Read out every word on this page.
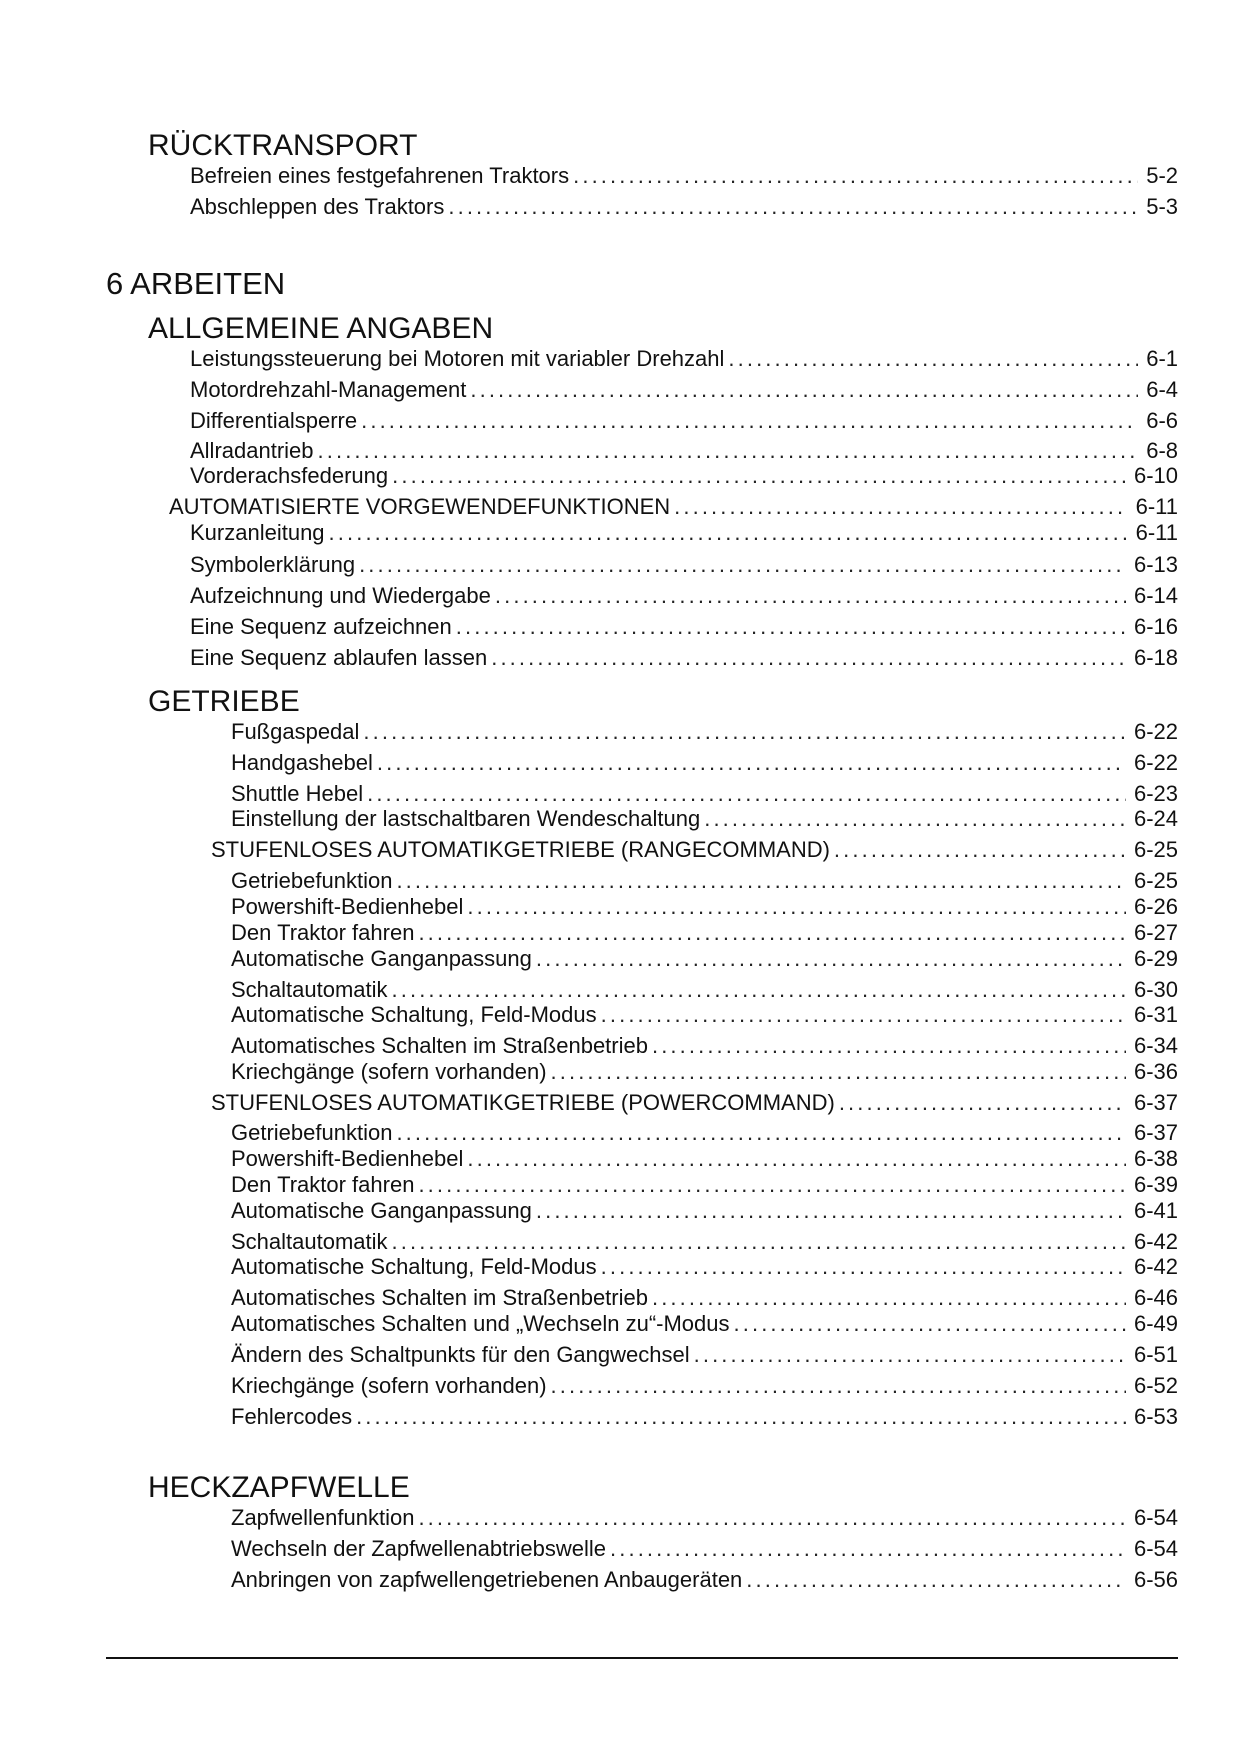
RÜCKTRANSPORT
Befreien eines festgefahrenen Traktors . . .	5-2
Abschleppen des Traktors . . .	5-3
6 ARBEITEN
ALLGEMEINE ANGABEN
Leistungssteuerung bei Motoren mit variabler Drehzahl . . .	6-1
Motordrehzahl-Management . . .	6-4
Differentialsperre . . .	6-6
Allradantrieb . . .	6-8
Vorderachsfederung . . .	6-10
AUTOMATISIERTE VORGEWENDEFUNKTIONEN . . .	6-11
Kurzanleitung . . .	6-11
Symbolerklärung . . .	6-13
Aufzeichnung und Wiedergabe . . .	6-14
Eine Sequenz aufzeichnen . . .	6-16
Eine Sequenz ablaufen lassen . . .	6-18
GETRIEBE
Fußgaspedal . . .	6-22
Handgashebel . . .	6-22
Shuttle Hebel . . .	6-23
Einstellung der lastschaltbaren Wendeschaltung . . .	6-24
STUFENLOSES AUTOMATIKGETRIEBE (RANGECOMMAND) . . .	6-25
Getriebefunktion . . .	6-25
Powershift-Bedienhebel . . .	6-26
Den Traktor fahren . . .	6-27
Automatische Ganganpassung . . .	6-29
Schaltautomatik . . .	6-30
Automatische Schaltung, Feld-Modus . . .	6-31
Automatisches Schalten im Straßenbetrieb . . .	6-34
Kriechgänge (sofern vorhanden) . . .	6-36
STUFENLOSES AUTOMATIKGETRIEBE (POWERCOMMAND) . . .	6-37
Getriebefunktion . . .	6-37
Powershift-Bedienhebel . . .	6-38
Den Traktor fahren . . .	6-39
Automatische Ganganpassung . . .	6-41
Schaltautomatik . . .	6-42
Automatische Schaltung, Feld-Modus . . .	6-42
Automatisches Schalten im Straßenbetrieb . . .	6-46
Automatisches Schalten und „Wechseln zu“-Modus . . .	6-49
Ändern des Schaltpunkts für den Gangwechsel . . .	6-51
Kriechgänge (sofern vorhanden) . . .	6-52
Fehlercodes . . .	6-53
HECKZAPFWELLE
Zapfwellenfunktion . . .	6-54
Wechseln der Zapfwellenabtriebswelle . . .	6-54
Anbringen von zapfwellengetriebenen Anbaugeräten . . .	6-56
